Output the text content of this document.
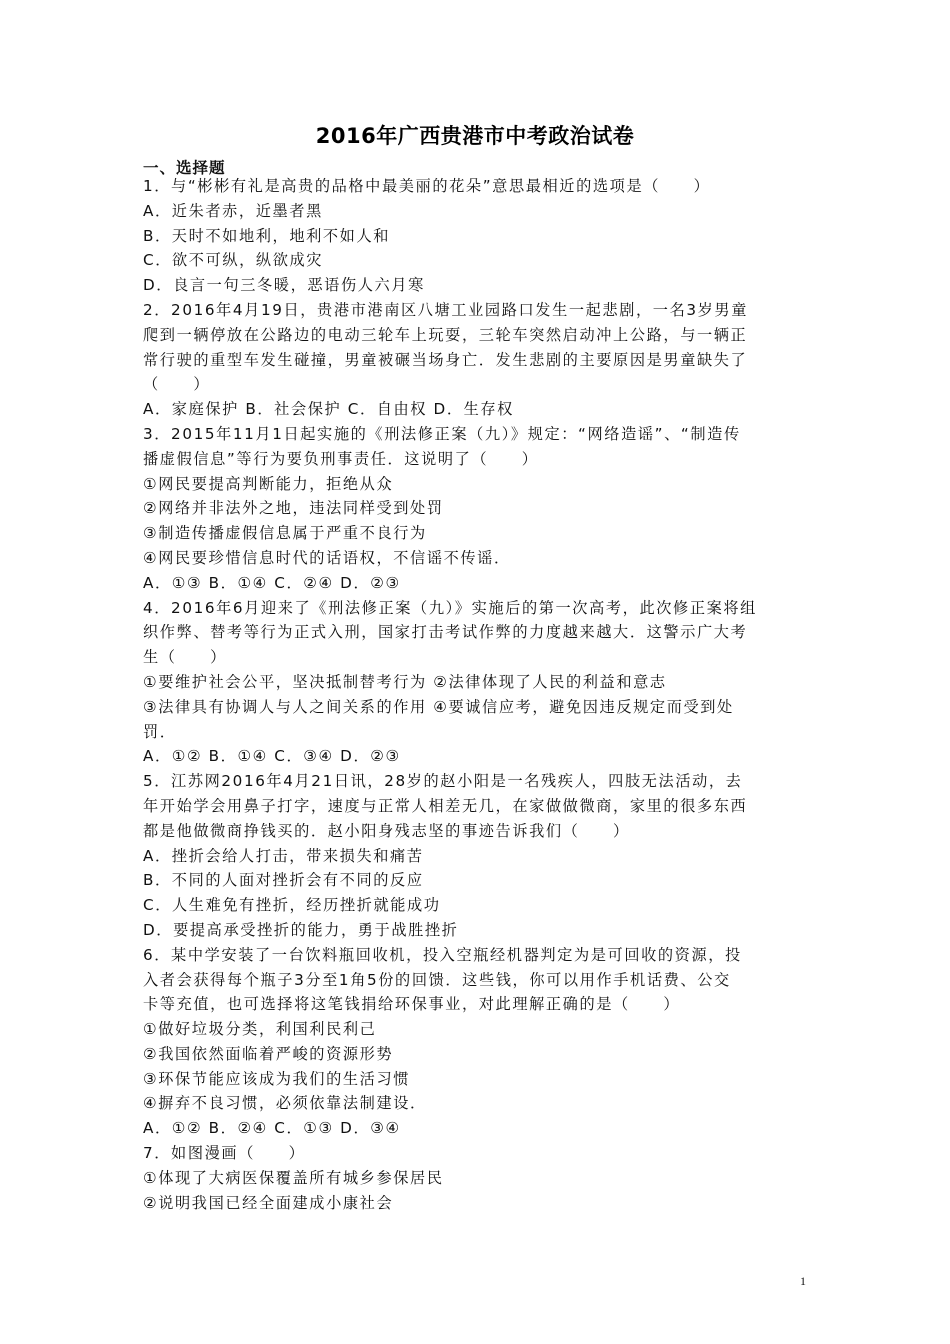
2016年广西贵港市中考政治试卷
一、选择题
1．与“彬彬有礼是高贵的品格中最美丽的花朵”意思最相近的选项是（　　）
A．近朱者赤，近墨者黑
B．天时不如地利，地利不如人和
C．欲不可纵，纵欲成灾
D．良言一句三冬暖，恶语伤人六月寒
2．2016年4月19日，贵港市港南区八塘工业园路口发生一起悲剧，一名3岁男童
爬到一辆停放在公路边的电动三轮车上玩耍，三轮车突然启动冲上公路，与一辆正
常行驶的重型车发生碰撞，男童被碾当场身亡．发生悲剧的主要原因是男童缺失了
（　　）
A．家庭保护 B．社会保护 C．自由权 D．生存权
3．2015年11月1日起实施的《刑法修正案（九）》规定：“网络造谣”、“制造传
播虚假信息”等行为要负刑事责任．这说明了（　　）
①网民要提高判断能力，拒绝从众
②网络并非法外之地，违法同样受到处罚
③制造传播虚假信息属于严重不良行为
④网民要珍惜信息时代的话语权，不信谣不传谣．
A．①③ B．①④ C．②④ D．②③
4．2016年6月迎来了《刑法修正案（九）》实施后的第一次高考，此次修正案将组
织作弊、替考等行为正式入刑，国家打击考试作弊的力度越来越大．这警示广大考
生（　　）
①要维护社会公平，坚决抵制替考行为 ②法律体现了人民的利益和意志
③法律具有协调人与人之间关系的作用 ④要诚信应考，避免因违反规定而受到处
罚．
A．①② B．①④ C．③④ D．②③
5．江苏网2016年4月21日讯，28岁的赵小阳是一名残疾人，四肢无法活动，去
年开始学会用鼻子打字，速度与正常人相差无几，在家做做微商，家里的很多东西
都是他做微商挣钱买的．赵小阳身残志坚的事迹告诉我们（　　）
A．挫折会给人打击，带来损失和痛苦
B．不同的人面对挫折会有不同的反应
C．人生难免有挫折，经历挫折就能成功
D．要提高承受挫折的能力，勇于战胜挫折
6．某中学安装了一台饮料瓶回收机，投入空瓶经机器判定为是可回收的资源，投
入者会获得每个瓶子3分至1角5份的回馈．这些钱，你可以用作手机话费、公交
卡等充值，也可选择将这笔钱捐给环保事业，对此理解正确的是（　　）
①做好垃圾分类，利国利民利己
②我国依然面临着严峻的资源形势
③环保节能应该成为我们的生活习惯
④摒弃不良习惯，必须依靠法制建设．
A．①② B．②④ C．①③ D．③④
7．如图漫画（　　）
①体现了大病医保覆盖所有城乡参保居民
②说明我国已经全面建成小康社会
1
